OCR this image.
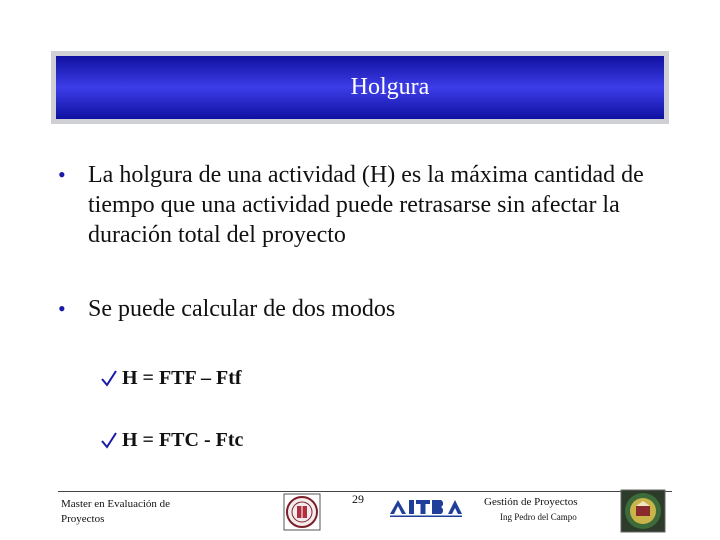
Holgura
• La holgura de una actividad (H) es la máxima cantidad de tiempo que una actividad puede retrasarse sin afectar la duración total del proyecto
• Se puede calcular de dos modos
H = FTF – Ftf
H = FTC - Ftc
Master en Evaluación de
Proyectos
29	Gestión de Proyectos
Ing Pedro del Campo
